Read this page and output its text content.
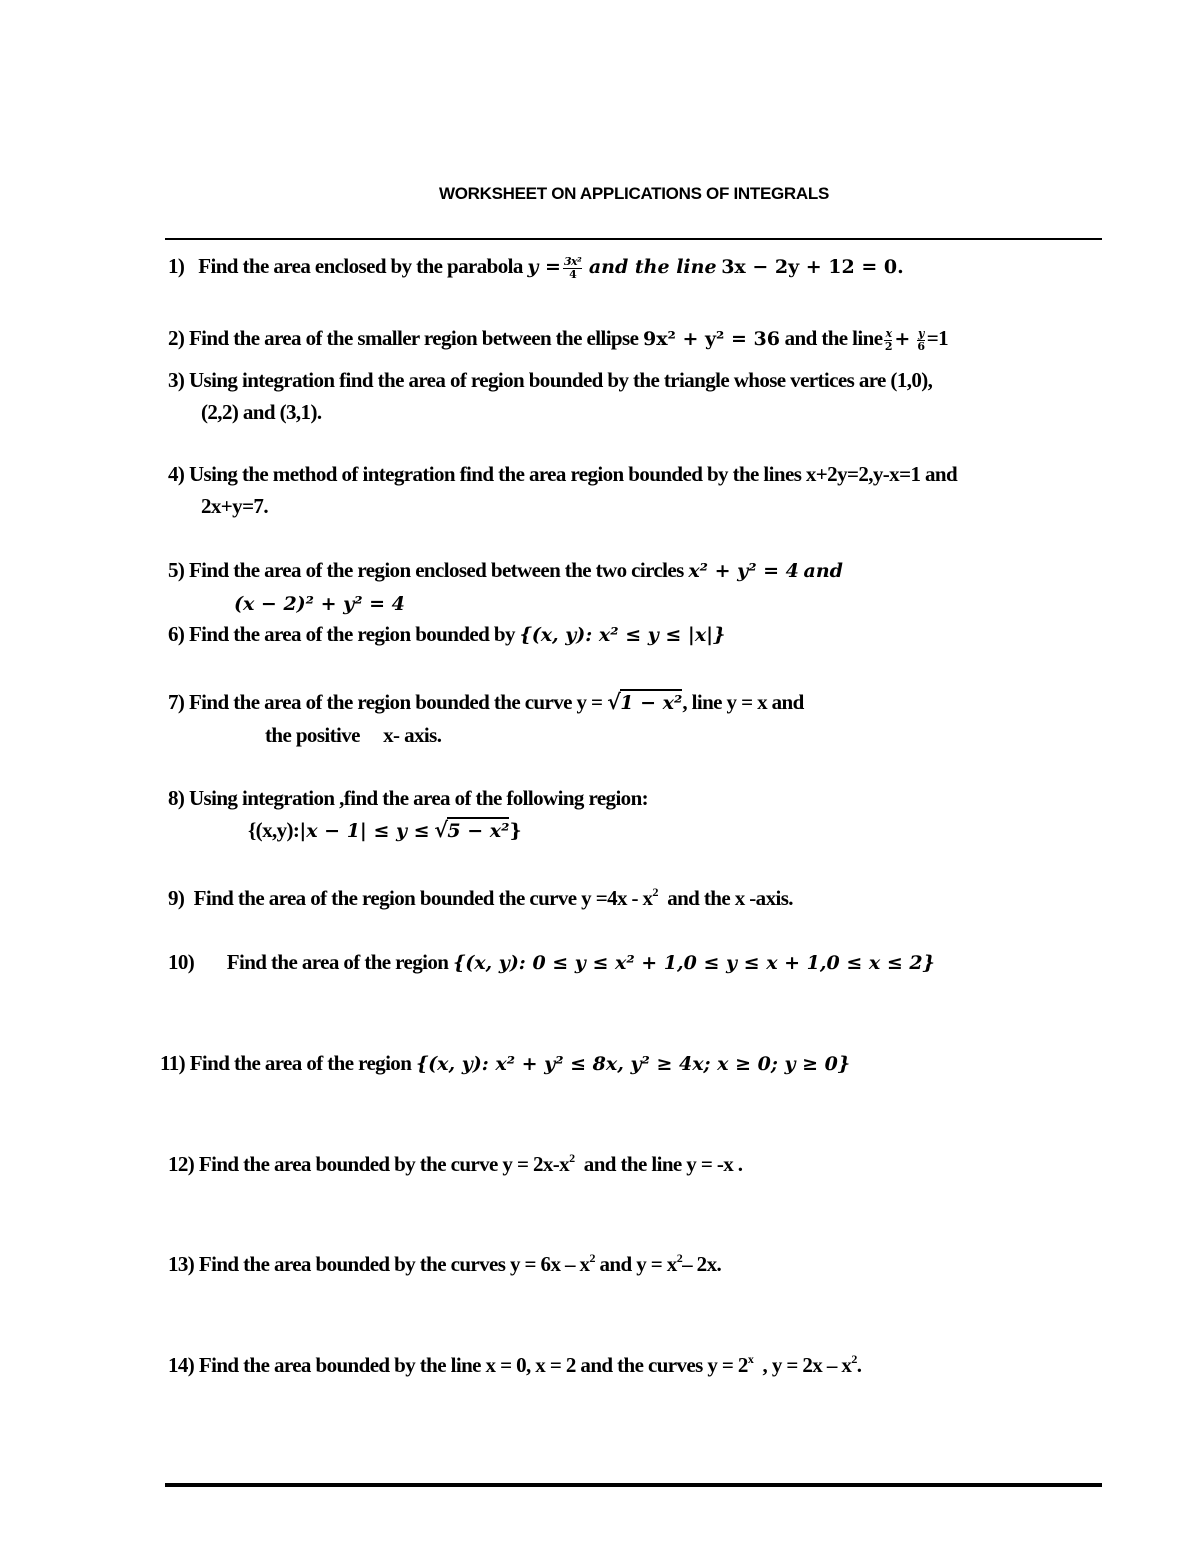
WORKSHEET ON APPLICATIONS OF INTEGRALS
1) Find the area enclosed by the parabola $y = \frac{\text{3x²}}{4}$ and the line 3x − 2y + 12 = 0.
2) Find the area of the smaller region between the ellipse 9x² + y² = 36 and the line $\frac{x}{2} + \frac{y}{6} =1$
3) Using integration find the area of region bounded by the triangle whose vertices are (1,0),
(2,2) and (3,1).
4) Using the method of integration find the area region bounded by the lines x+2y=2,y-x=1 and
2x+y=7.
5) Find the area of the region enclosed between the two circles x² + y² = 4 and
(x − 2)² + y² = 4
6) Find the area of the region bounded by {(x, y): x² ≤ y ≤ |x|}
7) Find the area of the region bounded the curve y = √1 − x², line y = x and
the positive x- axis.
8) Using integration ,find the area of the following region:
{(x,y):|x − 1| ≤ y ≤ √5 − x²}
9) Find the area of the region bounded the curve $y =4x - x^2$ and the x -axis.
10) Find the area of the region {(x, y): 0 ≤ y ≤ x² + 1,0 ≤ y ≤ x + 1,0 ≤ x ≤ 2}
11) Find the area of the region {(x, y): x² + y² ≤ 8x, y² ≥ 4x; x ≥ 0; y ≥ 0}
12) Find the area bounded by the curve $y = 2x-x^2$ and the line y = -x .
13) Find the area bounded by the curves $y = 6x - x^2$ and $y = x^2-$ 2x.
14) Find the area bounded by the line x = 0, x = 2 and the curves $y = 2^x$ , $y = 2x - x^2$.
